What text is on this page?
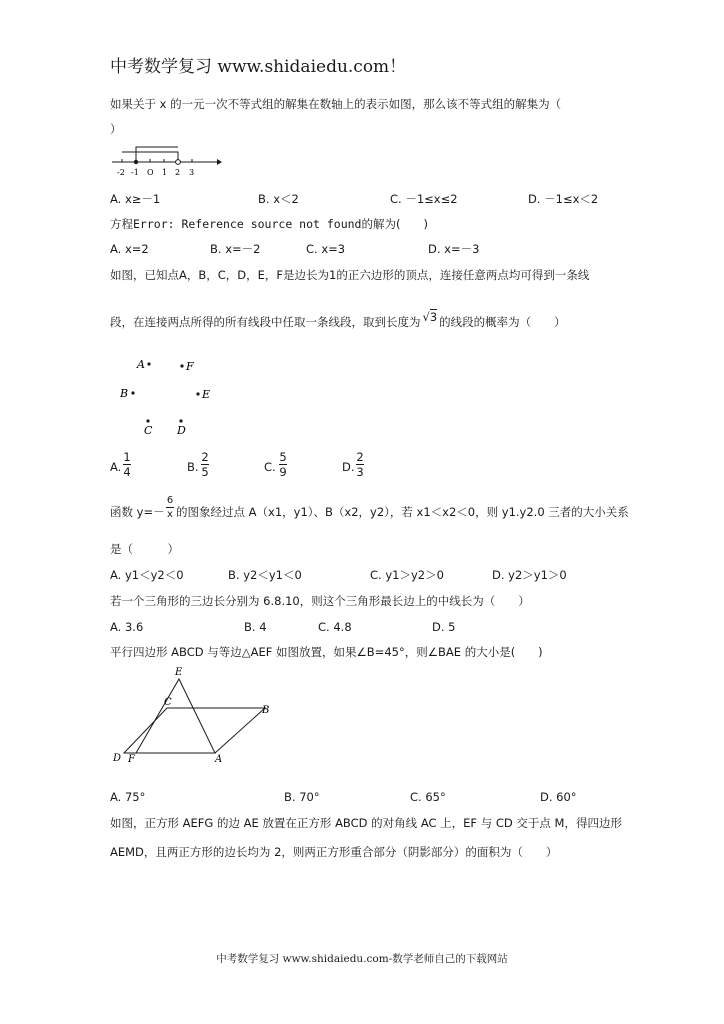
中考数学复习 www.shidaiedu.com！
如果关于 x 的一元一次不等式组的解集在数轴上的表示如图，那么该不等式组的解集为（
）
-2 -1 O 1 2 3
A. x≥－1	B. x＜2	C. －1≤x≤2	D. －1≤x＜2
方程Error: Reference source not found的解为(　　)
A. x=2	B. x=－2	C. x=3	D. x=－3
如图，已知点A，B，C，D，E，F是边长为1的正六边形的顶点，连接任意两点均可得到一条线
段，在连接两点所得的所有线段中任取一条线段，取到长度为 √3 的线段的概率为（　　）
A	F
B	E
C D
A.
1
4	B.
2
5	C.
5
9	D.
2
3
函数 y=－
6
x 的图象经过点 A（x1，y1）、B（x2，y2），若 x1＜x2＜0，则 y1.y2.0 三者的大小关系
是（　　　）
A. y1＜y2＜0	B. y2＜y1＜0	C. y1＞y2＞0	D. y2＞y1＞0
若一个三角形的三边长分别为 6.8.10，则这个三角形最长边上的中线长为（　　）
A. 3.6	B. 4	C. 4.8	D. 5
平行四边形 ABCD 与等边△AEF 如图放置，如果∠B=45°，则∠BAE 的大小是(　　)
E
C
B
D F	A
A. 75°	B. 70°	C. 65°	D. 60°
如图，正方形 AEFG 的边 AE 放置在正方形 ABCD 的对角线 AC 上，EF 与 CD 交于点 M，得四边形
AEMD，且两正方形的边长均为 2，则两正方形重合部分（阴影部分）的面积为（　　）
中考数学复习 www.shidaiedu.com-数学老师自己的下载网站
